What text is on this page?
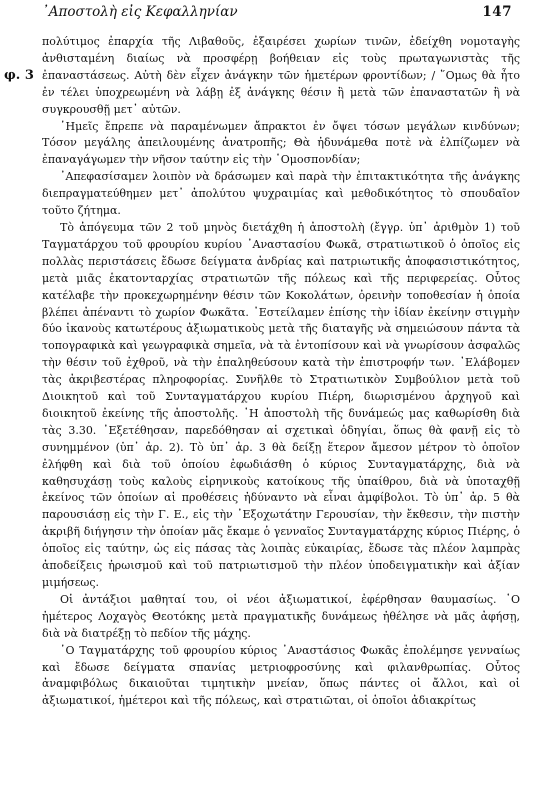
᾿Αποστολὴ εἰς Κεφαλληνίαν	147
φ. 3

πολύτιμος ἐπαρχία τῆς Λιβαθοῦς, ἐξαιρέσει χωρίων τινῶν, ἐδείχθη νομοταγὴς ἀνθισταμένη διαίως νὰ προσφέρῃ βοήθειαν εἰς τοὺς πρωταγωνιστὰς τῆς ἐπαναστάσεως. Αὐτὴ δὲν εἶχεν ἀνάγκην τῶν ἡμετέρων φροντίδων; / ῞Ομως θὰ ἦτο ἐν τέλει ὑποχρεωμένη νὰ λάβῃ ἐξ ἀνάγκης θέσιν ἢ μετὰ τῶν ἐπαναστατῶν ἢ νὰ συγκρουσθῇ μετ᾿ αὐτῶν.

῾Ημεῖς ἔπρεπε νὰ παραμένωμεν ἄπρακτοι ἐν ὄψει τόσων μεγάλων κινδύνων; Τόσον μεγάλης ἀπειλουμένης ἀνατροπῆς; Θὰ ἠδυνάμεθα ποτὲ νὰ ἐλπίζωμεν νὰ ἐπαναγάγωμεν τὴν νῆσον ταύτην εἰς τὴν ῾Ομοσπονδίαν;

᾿Απεφασίσαμεν λοιπὸν νὰ δράσωμεν καὶ παρὰ τὴν ἐπιτακτικότητα τῆς ἀνάγκης διεπραγματεύθημεν μετ᾿ ἀπολύτου ψυχραιμίας καὶ μεθοδικότητος τὸ σπουδαῖον τοῦτο ζήτημα.

Τὸ ἀπόγευμα τῶν 2 τοῦ μηνὸς διετάχθη ἡ ἀποστολὴ (ἔγγρ. ὑπ᾿ ἀριθμὸν 1) τοῦ Ταγματάρχου τοῦ φρουρίου κυρίου ᾿Αναστασίου Φωκᾶ, στρατιωτικοῦ ὁ ὁποῖος εἰς πολλὰς περιστάσεις ἔδωσε δείγματα ἀνδρίας καὶ πατριωτικῆς ἀποφασιστικότητος, μετὰ μιᾶς ἑκατονταρχίας στρατιωτῶν τῆς πόλεως καὶ τῆς περιφερείας. Οὗτος κατέλαβε τὴν προκεχωρημένην θέσιν τῶν Κοκολάτων, ὀρεινὴν τοποθεσίαν ἡ ὁποία βλέπει ἀπέναντι τὸ χωρίον Φωκᾶτα. ᾿Εστείλαμεν ἐπίσης τὴν ἰδίαν ἐκείνην στιγμὴν δύο ἱκανοὺς κατωτέρους ἀξιωματικοὺς μετὰ τῆς διαταγῆς νὰ σημειώσουν πάντα τὰ τοπογραφικὰ καὶ γεωγραφικὰ σημεῖα, νὰ τὰ ἐντοπίσουν καὶ νὰ γνωρίσουν ἀσφαλῶς τὴν θέσιν τοῦ ἐχθροῦ, νὰ τὴν ἐπαληθεύσουν κατὰ τὴν ἐπιστροφήν των. ᾿Ελάβομεν τὰς ἀκριβεστέρας πληροφορίας. Συνῆλθε τὸ Στρατιωτικὸν Συμβούλιον μετὰ τοῦ Διοικητοῦ καὶ τοῦ Συνταγματάρχου κυρίου Πιέρη, διωρισμένου ἀρχηγοῦ καὶ διοικητοῦ ἐκείνης τῆς ἀποστολῆς. ῾Η ἀποστολὴ τῆς δυνάμεώς μας καθωρίσθη διὰ τὰς 3.30. ᾿Εξετέθησαν, παρεδόθησαν αἱ σχετικαὶ ὁδηγίαι, ὅπως θὰ φανῇ εἰς τὸ συνημμένον (ὑπ᾿ ἀρ. 2). Τὸ ὑπ᾿ ἀρ. 3 θὰ δείξῃ ἕτερον ἄμεσον μέτρον τὸ ὁποῖον ἐλήφθη καὶ διὰ τοῦ ὁποίου ἐφωδιάσθη ὁ κύριος Συνταγματάρχης, διὰ νὰ καθησυχάσῃ τοὺς καλοὺς εἰρηνικοὺς κατοίκους τῆς ὑπαίθρου, διὰ νὰ ὑποταχθῇ ἐκείνος τῶν ὁποίων αἱ προθέσεις ἠδύναντο νὰ εἶναι ἀμφίβολοι. Τὸ ὑπ᾿ ἀρ. 5 θὰ παρουσιάσῃ εἰς τὴν Γ. Ε., εἰς τὴν ᾿Εξοχωτάτην Γερουσίαν, τὴν ἔκθεσιν, τὴν πιστὴν ἀκριβῆ διήγησιν τὴν ὁποίαν μᾶς ἔκαμε ὁ γενναῖος Συνταγματάρχης κύριος Πιέρης, ὁ ὁποῖος εἰς ταύτην, ὡς εἰς πάσας τὰς λοιπὰς εὐκαιρίας, ἔδωσε τὰς πλέον λαμπρὰς ἀποδείξεις ἡρωισμοῦ καὶ τοῦ πατριωτισμοῦ τὴν πλέον ὑποδειγματικὴν καὶ ἀξίαν μιμήσεως.

Οἱ ἀντάξιοι μαθηταί του, οἱ νέοι ἀξιωματικοί, ἐφέρθησαν θαυμασίως. ῾Ο ἡμέτερος Λοχαγὸς Θεοτόκης μετὰ πραγματικῆς δυνάμεως ἠθέλησε νὰ μᾶς ἀφήσῃ, διὰ νὰ διατρέξῃ τὸ πεδίον τῆς μάχης.

῾Ο Ταγματάρχης τοῦ φρουρίου κύριος ᾿Αναστάσιος Φωκᾶς ἐπολέμησε γενναίως καὶ ἔδωσε δείγματα σπανίας μετριοφροσύνης καὶ φιλανθρωπίας. Οὗτος ἀναμφιβόλως δικαιοῦται τιμητικὴν μνείαν, ὅπως πάντες οἱ ἄλλοι, καὶ οἱ ἀξιωματικοί, ἡμέτεροι καὶ τῆς πόλεως, καὶ στρατιῶται, οἱ ὁποῖοι ἀδιακρίτως
